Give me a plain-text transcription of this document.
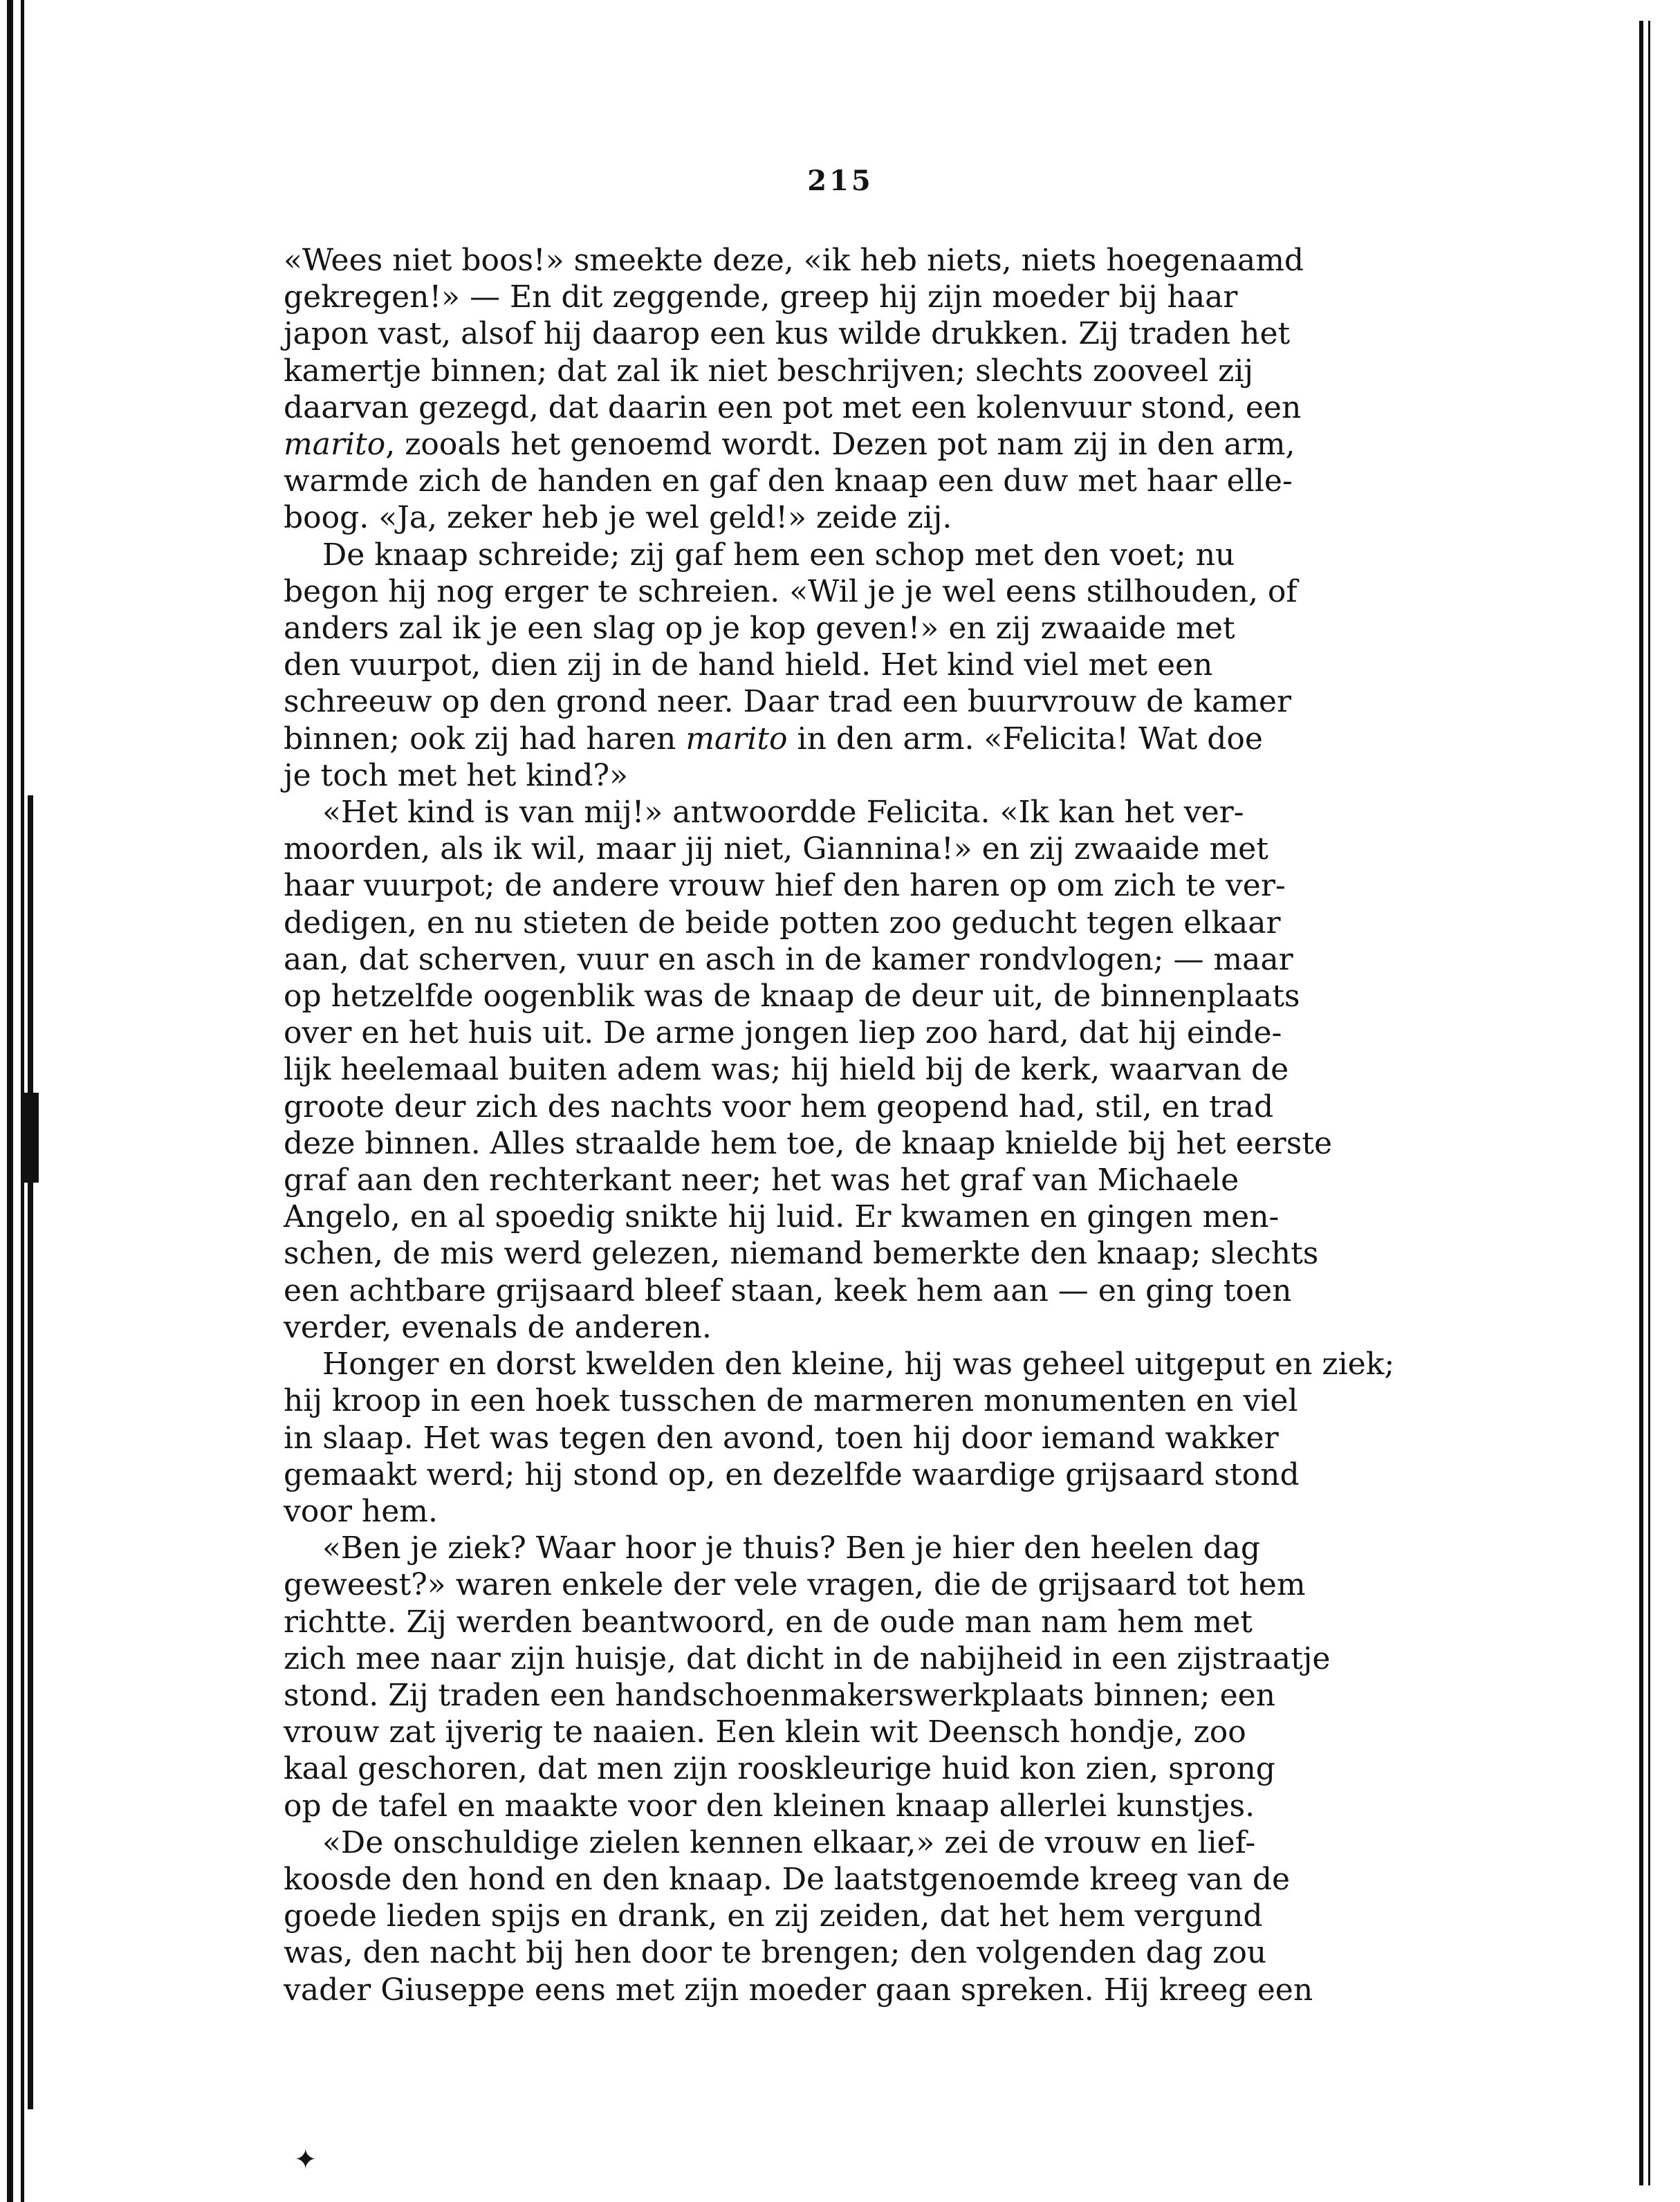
215
«Wees niet boos!» smeekte deze, «ik heb niets, niets hoegenaamd
gekregen!» — En dit zeggende, greep hij zijn moeder bij haar
japon vast, alsof hij daarop een kus wilde drukken. Zij traden het
kamertje binnen; dat zal ik niet beschrijven; slechts zooveel zij
daarvan gezegd, dat daarin een pot met een kolenvuur stond, een
marito, zooals het genoemd wordt. Dezen pot nam zij in den arm,
warmde zich de handen en gaf den knaap een duw met haar elle-
boog. «Ja, zeker heb je wel geld!» zeide zij.
De knaap schreide; zij gaf hem een schop met den voet; nu
begon hij nog erger te schreien. «Wil je je wel eens stilhouden, of
anders zal ik je een slag op je kop geven!» en zij zwaaide met
den vuurpot, dien zij in de hand hield. Het kind viel met een
schreeuw op den grond neer. Daar trad een buurvrouw de kamer
binnen; ook zij had haren marito in den arm. «Felicita! Wat doe
je toch met het kind?»
«Het kind is van mij!» antwoordde Felicita. «Ik kan het ver-
moorden, als ik wil, maar jij niet, Giannina!» en zij zwaaide met
haar vuurpot; de andere vrouw hief den haren op om zich te ver-
dedigen, en nu stieten de beide potten zoo geducht tegen elkaar
aan, dat scherven, vuur en asch in de kamer rondvlogen; — maar
op hetzelfde oogenblik was de knaap de deur uit, de binnenplaats
over en het huis uit. De arme jongen liep zoo hard, dat hij einde-
lijk heelemaal buiten adem was; hij hield bij de kerk, waarvan de
groote deur zich des nachts voor hem geopend had, stil, en trad
deze binnen. Alles straalde hem toe, de knaap knielde bij het eerste
graf aan den rechterkant neer; het was het graf van Michaele
Angelo, en al spoedig snikte hij luid. Er kwamen en gingen men-
schen, de mis werd gelezen, niemand bemerkte den knaap; slechts
een achtbare grijsaard bleef staan, keek hem aan — en ging toen
verder, evenals de anderen.
Honger en dorst kwelden den kleine, hij was geheel uitgeput en ziek;
hij kroop in een hoek tusschen de marmeren monumenten en viel
in slaap. Het was tegen den avond, toen hij door iemand wakker
gemaakt werd; hij stond op, en dezelfde waardige grijsaard stond
voor hem.
«Ben je ziek? Waar hoor je thuis? Ben je hier den heelen dag
geweest?» waren enkele der vele vragen, die de grijsaard tot hem
richtte. Zij werden beantwoord, en de oude man nam hem met
zich mee naar zijn huisje, dat dicht in de nabijheid in een zijstraatje
stond. Zij traden een handschoenmakerswerkplaats binnen; een
vrouw zat ijverig te naaien. Een klein wit Deensch hondje, zoo
kaal geschoren, dat men zijn rooskleurige huid kon zien, sprong
op de tafel en maakte voor den kleinen knaap allerlei kunstjes.
«De onschuldige zielen kennen elkaar,» zei de vrouw en lief-
koosde den hond en den knaap. De laatstgenoemde kreeg van de
goede lieden spijs en drank, en zij zeiden, dat het hem vergund
was, den nacht bij hen door te brengen; den volgenden dag zou
vader Giuseppe eens met zijn moeder gaan spreken. Hij kreeg een
✦
